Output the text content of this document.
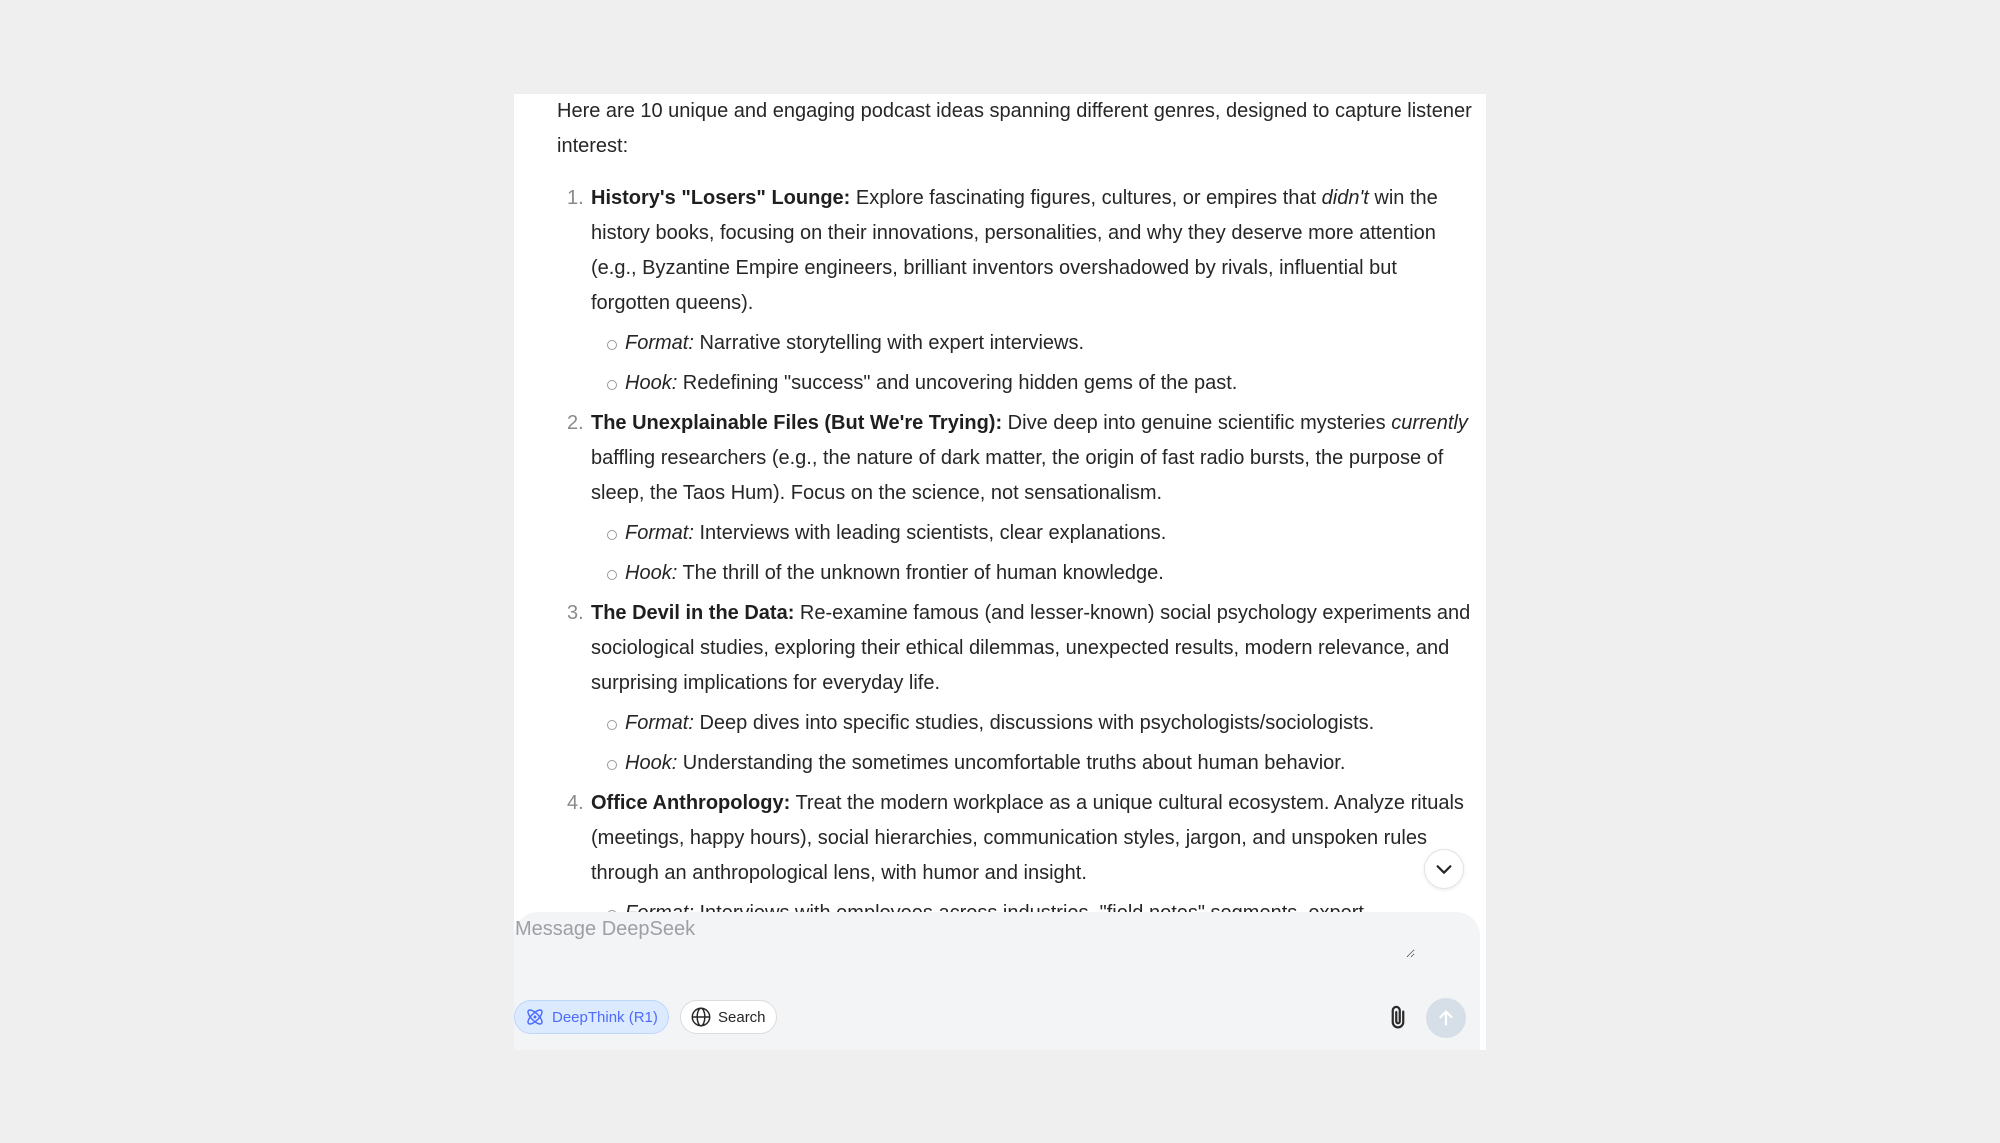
Here are 10 unique and engaging podcast ideas spanning different genres, designed to capture listener interest:

1. History's "Losers" Lounge: Explore fascinating figures, cultures, or empires that didn't win the history books, focusing on their innovations, personalities, and why they deserve more attention (e.g., Byzantine Empire engineers, brilliant inventors overshadowed by rivals, influential but forgotten queens).
Format: Narrative storytelling with expert interviews.
Hook: Redefining "success" and uncovering hidden gems of the past.
2. The Unexplainable Files (But We're Trying): Dive deep into genuine scientific mysteries currently baffling researchers (e.g., the nature of dark matter, the origin of fast radio bursts, the purpose of sleep, the Taos Hum). Focus on the science, not sensationalism.
Format: Interviews with leading scientists, clear explanations.
Hook: The thrill of the unknown frontier of human knowledge.
3. The Devil in the Data: Re-examine famous (and lesser-known) social psychology experiments and sociological studies, exploring their ethical dilemmas, unexpected results, modern relevance, and surprising implications for everyday life.
Format: Deep dives into specific studies, discussions with psychologists/sociologists.
Hook: Understanding the sometimes uncomfortable truths about human behavior.
4. Office Anthropology: Treat the modern workplace as a unique cultural ecosystem. Analyze rituals (meetings, happy hours), social hierarchies, communication styles, jargon, and unspoken rules through an anthropological lens, with humor and insight.
Message DeepSeek
DeepThink (R1)	Search
